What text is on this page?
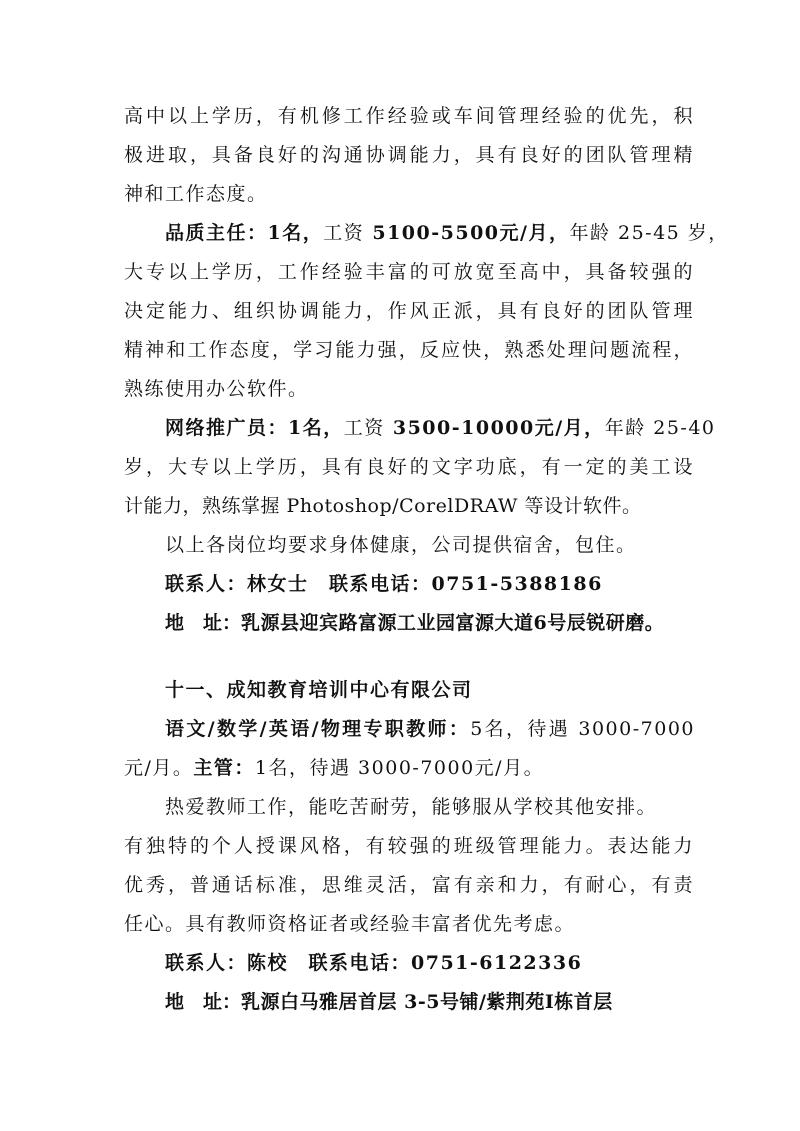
高中以上学历，有机修工作经验或车间管理经验的优先，积
极进取，具备良好的沟通协调能力，具有良好的团队管理精
神和工作态度。
品质主任：1名，工资 5100-5500元/月，年龄 25-45 岁，
大专以上学历，工作经验丰富的可放宽至高中，具备较强的
决定能力、组织协调能力，作风正派，具有良好的团队管理
精神和工作态度，学习能力强，反应快，熟悉处理问题流程，
熟练使用办公软件。
网络推广员：1名，工资 3500-10000元/月，年龄 25-40
岁，大专以上学历，具有良好的文字功底，有一定的美工设
计能力，熟练掌握 Photoshop/CorelDRAW 等设计软件。
以上各岗位均要求身体健康，公司提供宿舍，包住。
联系人：林女士　联系电话：0751-5388186
地　址：乳源县迎宾路富源工业园富源大道6号辰锐研磨。
十一、成知教育培训中心有限公司
语文/数学/英语/物理专职教师：5名，待遇 3000-7000
元/月。主管：1名，待遇 3000-7000元/月。
热爱教师工作，能吃苦耐劳，能够服从学校其他安排。
有独特的个人授课风格，有较强的班级管理能力。表达能力
优秀，普通话标准，思维灵活，富有亲和力，有耐心，有责
任心。具有教师资格证者或经验丰富者优先考虑。
联系人：陈校　联系电话：0751-6122336
地　址：乳源白马雅居首层 3-5号铺/紫荆苑Ⅰ栋首层
